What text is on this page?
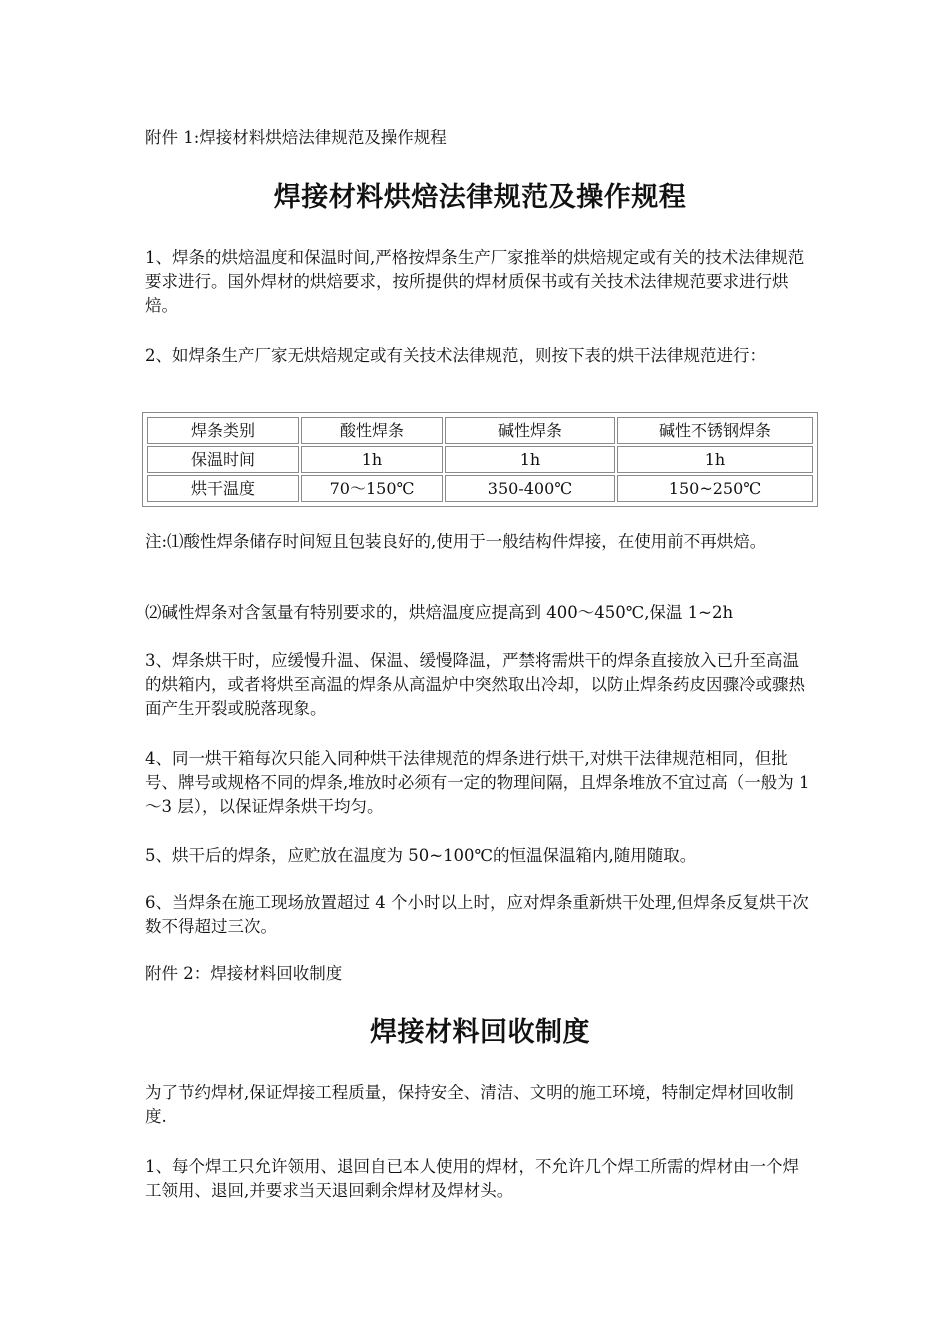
附件 1:焊接材料烘焙法律规范及操作规程

焊接材料烘焙法律规范及操作规程

1、焊条的烘焙温度和保温时间,严格按焊条生产厂家推举的烘焙规定或有关的技术法律规范要求进行。国外焊材的烘焙要求，按所提供的焊材质保书或有关技术法律规范要求进行烘焙。

2、如焊条生产厂家无烘焙规定或有关技术法律规范，则按下表的烘干法律规范进行：

焊条类别	酸性焊条	碱性焊条	碱性不锈钢焊条
保温时间	1h	1h	1h
烘干温度	70～150℃	350-400℃	150~250℃

注:⑴酸性焊条储存时间短且包装良好的,使用于一般结构件焊接，在使用前不再烘焙。

⑵碱性焊条对含氢量有特别要求的，烘焙温度应提高到 400～450℃,保温 1~2h

3、焊条烘干时，应缓慢升温、保温、缓慢降温，严禁将需烘干的焊条直接放入已升至高温的烘箱内，或者将烘至高温的焊条从高温炉中突然取出冷却，以防止焊条药皮因骤冷或骤热面产生开裂或脱落现象。

4、同一烘干箱每次只能入同种烘干法律规范的焊条进行烘干,对烘干法律规范相同，但批号、牌号或规格不同的焊条,堆放时必须有一定的物理间隔，且焊条堆放不宜过高（一般为 1～3 层），以保证焊条烘干均匀。

5、烘干后的焊条，应贮放在温度为 50~100℃的恒温保温箱内,随用随取。

6、当焊条在施工现场放置超过 4 个小时以上时，应对焊条重新烘干处理,但焊条反复烘干次数不得超过三次。

附件 2：焊接材料回收制度

焊接材料回收制度

为了节约焊材,保证焊接工程质量，保持安全、清洁、文明的施工环境，特制定焊材回收制度.

1、每个焊工只允许领用、退回自已本人使用的焊材，不允许几个焊工所需的焊材由一个焊工领用、退回,并要求当天退回剩余焊材及焊材头。
